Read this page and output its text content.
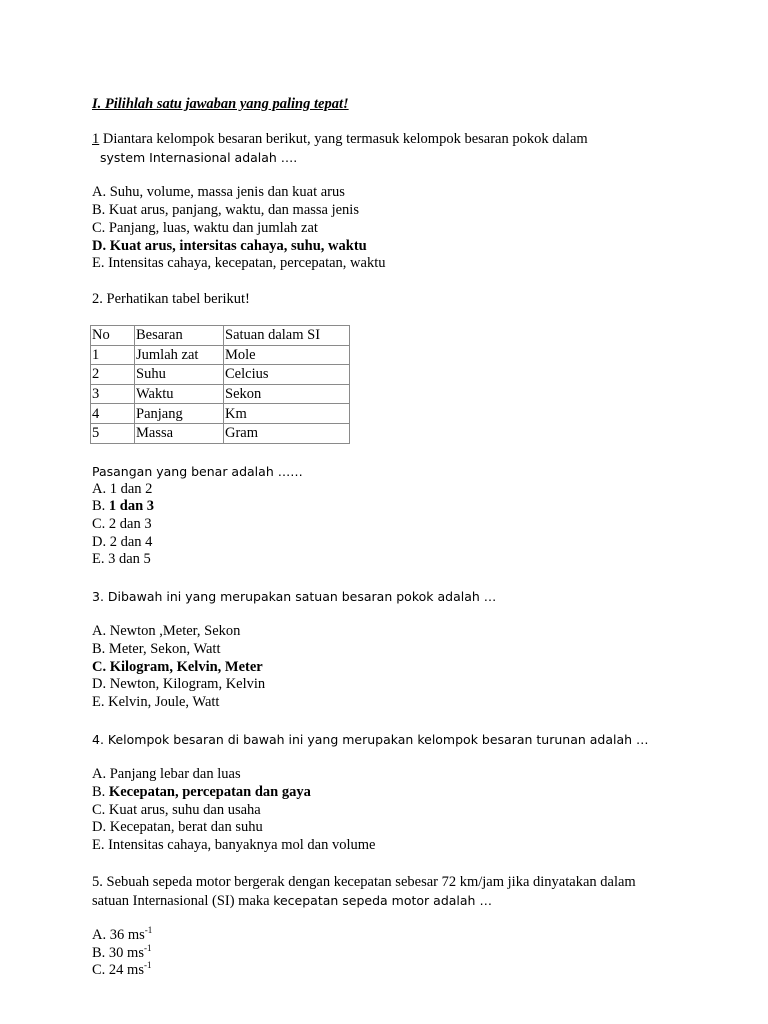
I. Pilihlah satu jawaban yang paling tepat!
1 Diantara kelompok besaran berikut, yang termasuk kelompok besaran pokok dalam
system Internasional adalah ….
A. Suhu, volume, massa jenis dan kuat arus
B. Kuat arus, panjang, waktu, dan massa jenis
C. Panjang, luas, waktu dan jumlah zat
D. Kuat arus, intersitas cahaya, suhu, waktu
E. Intensitas cahaya, kecepatan, percepatan, waktu
2. Perhatikan tabel berikut!
No	Besaran	Satuan dalam SI
1	Jumlah zat	Mole
2	Suhu	Celcius
3	Waktu	Sekon
4	Panjang	Km
5	Massa	Gram
Pasangan yang benar adalah ……
A. 1 dan 2
B. 1 dan 3
C. 2 dan 3
D. 2 dan 4
E. 3 dan 5
3. Dibawah ini yang merupakan satuan besaran pokok adalah …
A. Newton ,Meter, Sekon
B. Meter, Sekon, Watt
C. Kilogram, Kelvin, Meter
D. Newton, Kilogram, Kelvin
E. Kelvin, Joule, Watt
4. Kelompok besaran di bawah ini yang merupakan kelompok besaran turunan adalah …
A. Panjang lebar dan luas
B. Kecepatan, percepatan dan gaya
C. Kuat arus, suhu dan usaha
D. Kecepatan, berat dan suhu
E. Intensitas cahaya, banyaknya mol dan volume
5. Sebuah sepeda motor bergerak dengan kecepatan sebesar 72 km/jam jika dinyatakan dalam
satuan Internasional (SI) maka kecepatan sepeda motor adalah …
A. 36 $ms^{-1}$
B. 30 $ms^{-1}$
C. 24 $ms^{-1}$
